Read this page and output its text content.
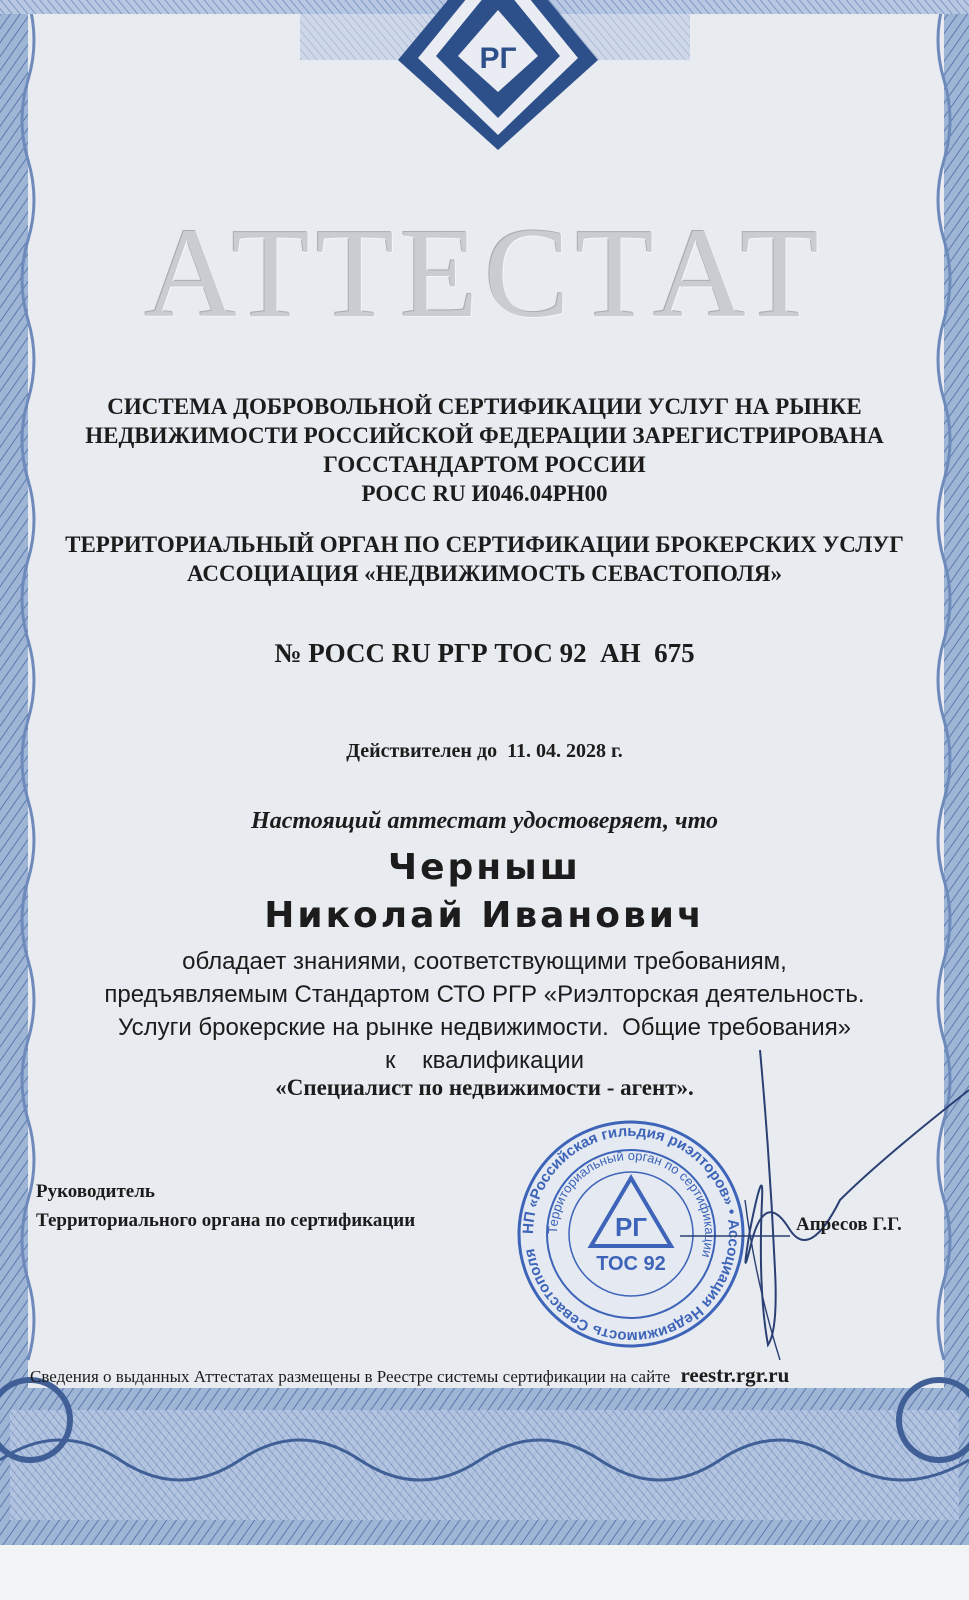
РГ
АТТЕСТАТ
СИСТЕМА ДОБРОВОЛЬНОЙ СЕРТИФИКАЦИИ УСЛУГ НА РЫНКЕ
НЕДВИЖИМОСТИ РОССИЙСКОЙ ФЕДЕРАЦИИ ЗАРЕГИСТРИРОВАНА
ГОССТАНДАРТОМ РОССИИ
РОСС RU И046.04РН00
ТЕРРИТОРИАЛЬНЫЙ ОРГАН ПО СЕРТИФИКАЦИИ БРОКЕРСКИХ УСЛУГ
АССОЦИАЦИЯ «НЕДВИЖИМОСТЬ СЕВАСТОПОЛЯ»
№ РОСС RU РГР ТОС 92  АН  675
Действителен до  11. 04. 2028 г.
Настоящий аттестат удостоверяет, что
Черныш
Николай Иванович
обладает знаниями, соответствующими требованиям,
предъявляемым Стандартом СТО РГР «Риэлторская деятельность.
Услуги брокерские на рынке недвижимости.  Общие требования»
к    квалификации
«Специалист по недвижимости - агент».
Руководитель
Территориального органа по сертификации	НП «Российская гильдия риэлторов» • Ассоциация Недвижимость Севастополя
Территориальный орган по сертификации
РГ
ТОС 92
Апресов Г.Г.
Сведения о выданных Аттестатах размещены в Реестре системы сертификации на сайте reestr.rgr.ru
